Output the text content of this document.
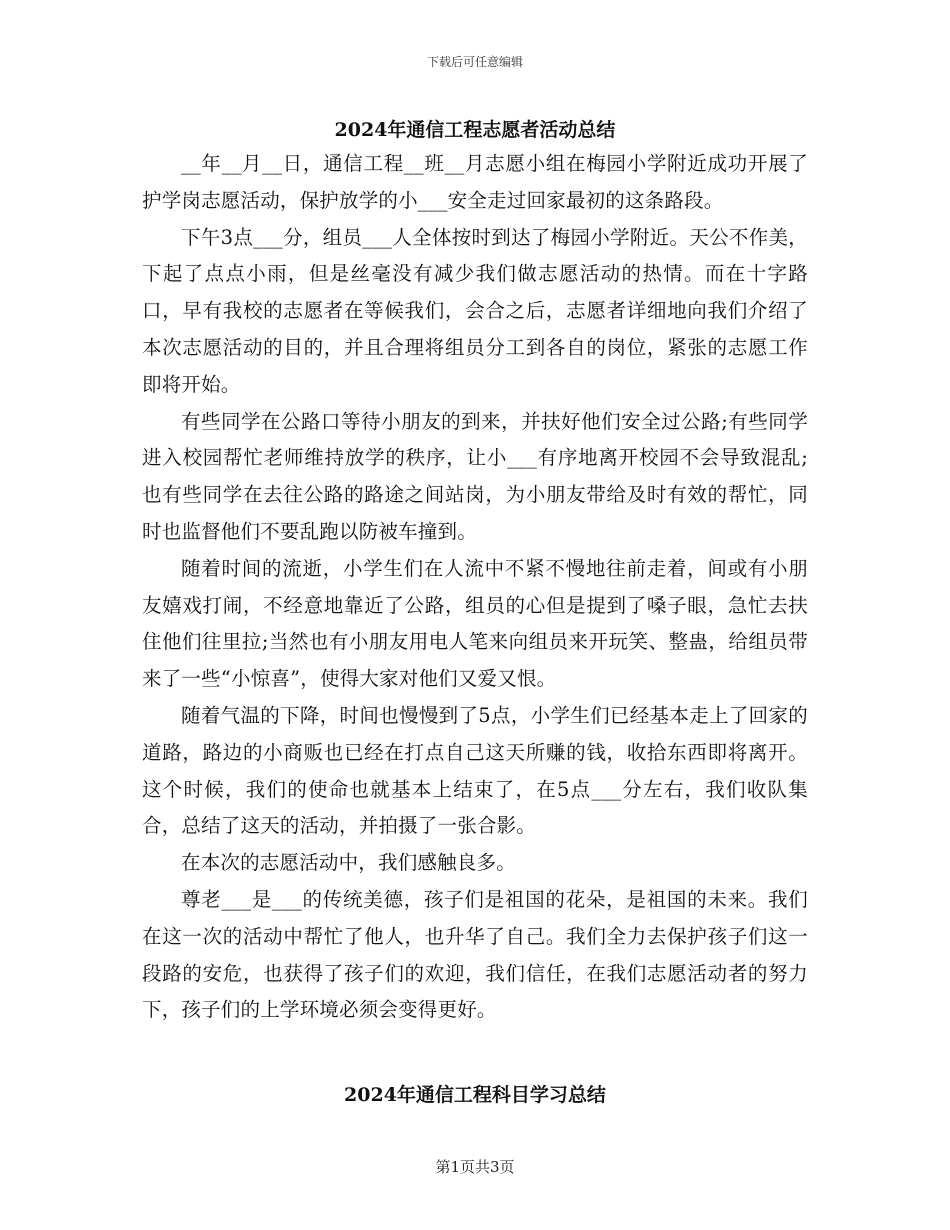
下载后可任意编辑
2024年通信工程志愿者活动总结

__年__月__日，通信工程__班__月志愿小组在梅园小学附近成功开展了护学岗志愿活动，保护放学的小___安全走过回家最初的这条路段。

下午3点___分，组员___人全体按时到达了梅园小学附近。天公不作美，下起了点点小雨，但是丝毫没有减少我们做志愿活动的热情。而在十字路口，早有我校的志愿者在等候我们，会合之后，志愿者详细地向我们介绍了本次志愿活动的目的，并且合理将组员分工到各自的岗位，紧张的志愿工作即将开始。

有些同学在公路口等待小朋友的到来，并扶好他们安全过公路;有些同学进入校园帮忙老师维持放学的秩序，让小___有序地离开校园不会导致混乱;也有些同学在去往公路的路途之间站岗，为小朋友带给及时有效的帮忙，同时也监督他们不要乱跑以防被车撞到。

随着时间的流逝，小学生们在人流中不紧不慢地往前走着，间或有小朋友嬉戏打闹，不经意地靠近了公路，组员的心但是提到了嗓子眼，急忙去扶住他们往里拉;当然也有小朋友用电人笔来向组员来开玩笑、整蛊，给组员带来了一些“小惊喜”，使得大家对他们又爱又恨。

随着气温的下降，时间也慢慢到了5点，小学生们已经基本走上了回家的道路，路边的小商贩也已经在打点自己这天所赚的钱，收拾东西即将离开。这个时候，我们的使命也就基本上结束了，在5点___分左右，我们收队集合，总结了这天的活动，并拍摄了一张合影。

在本次的志愿活动中，我们感触良多。

尊老___是___的传统美德，孩子们是祖国的花朵，是祖国的未来。我们在这一次的活动中帮忙了他人，也升华了自己。我们全力去保护孩子们这一段路的安危，也获得了孩子们的欢迎，我们信任，在我们志愿活动者的努力下，孩子们的上学环境必须会变得更好。

2024年通信工程科目学习总结
第1页共3页
